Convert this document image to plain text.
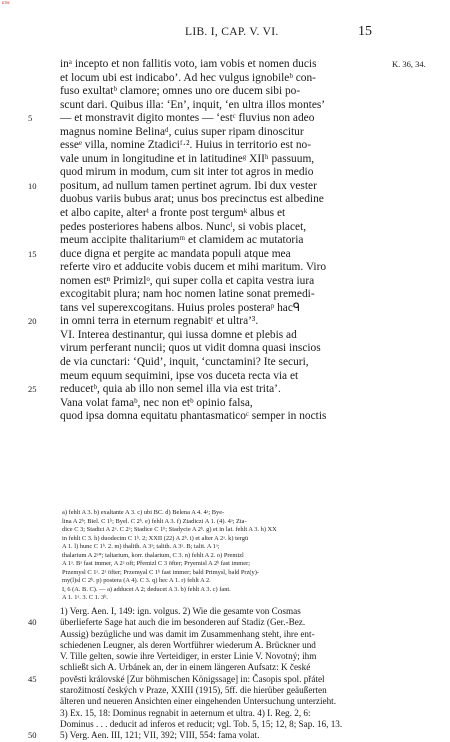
ᴇᴛᴍ
LIB. I, CAP. V. VI.	15
inᵃ incepto et non fallitis voto, iam vobis et nomen ducis	K. 36, 34.
et locum ubi est indicabo’. Ad hec vulgus ignobileᵇ con-
fuso exultatᵇ clamore; omnes uno ore ducem sibi po-
scunt dari. Quibus illa: ‘En’, inquit, ‘en ultra illos montes’
5 — et monstravit digito montes — ‘estᶜ fluvius non adeo
magnus nomine Belinaᵈ, cuius super ripam dinoscitur
esseᵉ villa, nomine Ztadiciᶠ·². Huius in territorio est no-
vale unum in longitudine et in latitudineᵍ XIIʰ passuum,
quod mirum in modum, cum sit inter tot agros in medio
10 positum, ad nullum tamen pertinet agrum. Ibi dux vester
duobus variis bubus arat; unus bos precinctus est albedine
et albo capite, alterⁱ a fronte post tergumᵏ albus et
pedes posteriores habens albos. Nuncˡ, si vobis placet,
meum accipite thalitariumᵐ et clamidem ac mutatoria
15 duce digna et pergite ac mandata populi atque mea
referte viro et adducite vobis ducem et mihi maritum. Viro
nomen estⁿ Primizlᵒ, qui super colla et capita vestra iura
excogitabit plura; nam hoc nomen latine sonat premedi-
tans vel superexcogitans. Huius proles posteraᵖ hacᑫ
20 in omni terra in eternum regnabitʳ et ultra’³.
VI. Interea destinantur, qui iussa domne et plebis ad
virum perferant nuncii; quos ut vidit domna quasi inscios
de via cunctari: ‘Quid’, inquit, ‘cunctamini? Ite securi,
meum equum sequimini, ipse vos duceta recta via et
25 reducetᵇ, quia ab illo non semel illa via est trita’.
Vana volat famaᵇ, nec non etᵇ opinio falsa,
quod ipsa domna equitatu phantasmaticoᶜ semper in noctis
a) fehlt A 3. b) exaltante A 3. c) ubi BC. d) Belena A 4. 4ᵃ; Bye-
lina A 2ᵇ; Biel. C 1ᵇ; Byel. C 2ᵇ. e) fehlt A 3. f) Ztadiczi A 1. (4). 4ᵃ; Zta-
dice C 3; Stadici A 2ᵃ. C 2ᵃ; Stadice C 1ᵇ; Stadycie A 2ᵇ. g) et in lat. fehlt A 3. h) XX
in fehlt C 3. h) duodecim C 1ᵇ. 2; XXII (22) A 2ᵇ. i) et alter A 2ᵃ. k) tergū
A 1. l) hunc C 1ᵇ. 2. m) thalith. A 3ᵃ; talith. A 3ᵃ. B; talit. A 1ᵃ;
thalarium A 2ᵃ*; taltarium, korr. thalarium, C 3. n) fehlt A 2. o) Premizl
A 1ᵃ. Bᵃ fast immer, A 2ᵃ oft; Přemizl C 3 öfter; Pryemisl A 2ᵇ fast immer;
Przemysl C 1ᵃ. 2ᵃ öfter; Przemyal C 1ᵇ fast immer; bald Primysl, bald Prz(y)-
my(l)sl C 2ᵇ. p) postera (A 4). C 3. q) hec A 1. r) fehlt A 2.
I, 6 (A. B. C). — a) adducet A 2; deducet A 3. b) fehlt A 3. c) fant.
A 1. 1ᵃ. 3. C 1. 3ᵇ.
1) Verg. Aen. I, 149: ign. volgus. 2) Wie die gesamte von Cosmas
40	überlieferte Sage hat auch die im besonderen auf Stadiz (Ger.-Bez.
Aussig) bezügliche und was damit im Zusammenhang steht, ihre ent-
schiedenen Leugner, als deren Wortführer wiederum A. Brückner und
V. Tille gelten, sowie ihre Verteidiger, in erster Linie V. Novotný; ihm
schließt sich A. Urbánek an, der in einem längeren Aufsatz: K české
45	pověsti královské [Zur böhmischen Königssage] in: Časopis spol. přátel
starožitností českých v Praze, XXIII (1915), 5ff. die hierüber geäußerten
älteren und neueren Ansichten einer eingehenden Untersuchung unterzieht.
3) Ex. 15, 18: Dominus regnabit in aeternum et ultra. 4) I. Reg. 2, 6:
Dominus . . . deducit ad inferos et reducit; vgl. Tob. 5, 15; 12, 8; Sap. 16, 13.
50	5) Verg. Aen. III, 121; VII, 392; VIII, 554: fama volat.
